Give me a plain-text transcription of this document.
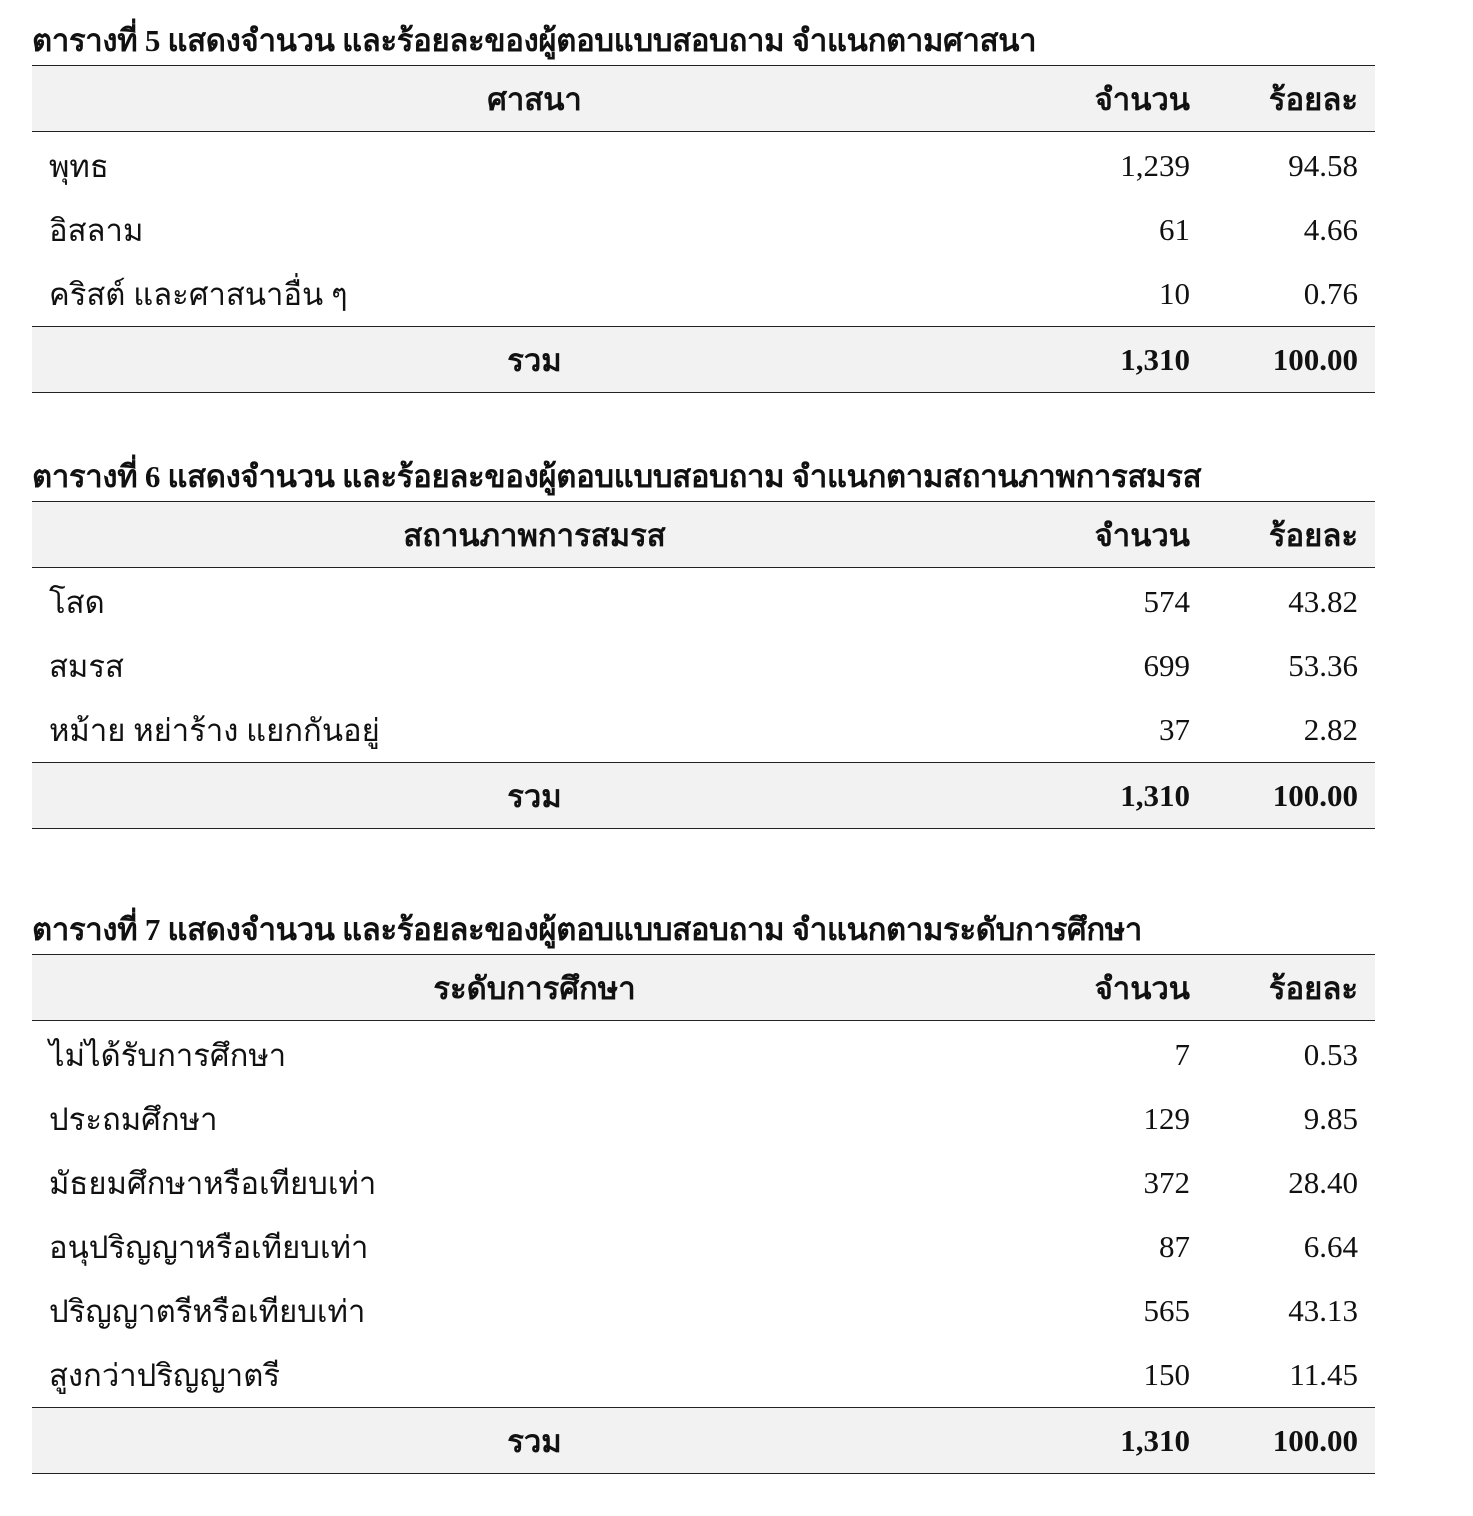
ตารางที่ 5 แสดงจำนวน และร้อยละของผู้ตอบแบบสอบถาม จำแนกตามศาสนา
ศาสนา	จำนวน	ร้อยละ
พุทธ	1,239	94.58
อิสลาม	61	4.66
คริสต์ และศาสนาอื่น ๆ	10	0.76
รวม	1,310	100.00
ตารางที่ 6 แสดงจำนวน และร้อยละของผู้ตอบแบบสอบถาม จำแนกตามสถานภาพการสมรส
สถานภาพการสมรส	จำนวน	ร้อยละ
โสด	574	43.82
สมรส	699	53.36
หม้าย หย่าร้าง แยกกันอยู่	37	2.82
รวม	1,310	100.00
ตารางที่ 7 แสดงจำนวน และร้อยละของผู้ตอบแบบสอบถาม จำแนกตามระดับการศึกษา
ระดับการศึกษา	จำนวน	ร้อยละ
ไม่ได้รับการศึกษา	7	0.53
ประถมศึกษา	129	9.85
มัธยมศึกษาหรือเทียบเท่า	372	28.40
อนุปริญญาหรือเทียบเท่า	87	6.64
ปริญญาตรีหรือเทียบเท่า	565	43.13
สูงกว่าปริญญาตรี	150	11.45
รวม	1,310	100.00
